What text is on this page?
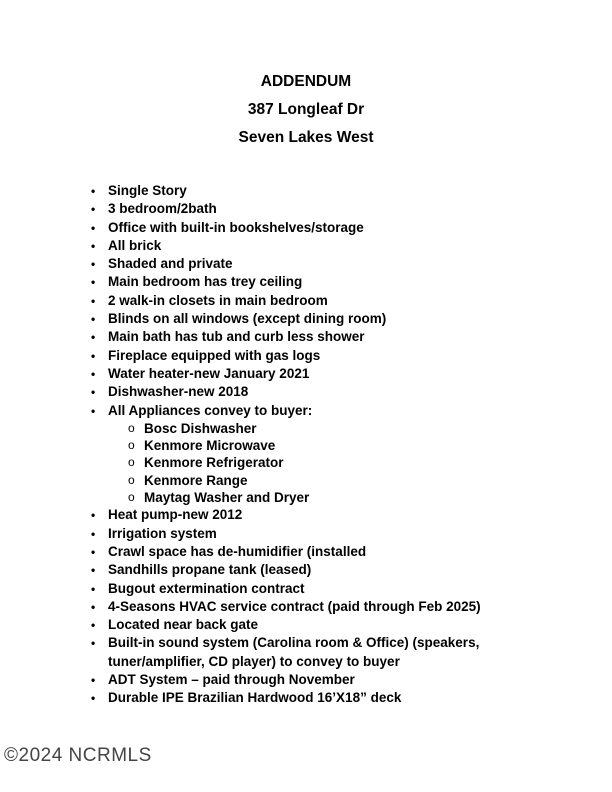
ADDENDUM
387 Longleaf Dr
Seven Lakes West
• Single Story
• 3 bedroom/2bath
• Office with built-in bookshelves/storage
• All brick
• Shaded and private
• Main bedroom has trey ceiling
• 2 walk-in closets in main bedroom
• Blinds on all windows (except dining room)
• Main bath has tub and curb less shower
• Fireplace equipped with gas logs
• Water heater-new January 2021
• Dishwasher-new 2018
• All Appliances convey to buyer:
o Bosc Dishwasher
o Kenmore Microwave
o Kenmore Refrigerator
o Kenmore Range
o Maytag Washer and Dryer
• Heat pump-new 2012
• Irrigation system
• Crawl space has de-humidifier (installed
• Sandhills propane tank (leased)
• Bugout extermination contract
• 4-Seasons HVAC service contract (paid through Feb 2025)
• Located near back gate
• Built-in sound system (Carolina room & Office) (speakers, tuner/amplifier, CD player) to convey to buyer
• ADT System – paid through November
• Durable IPE Brazilian Hardwood 16’X18” deck
©2024 NCRMLS
